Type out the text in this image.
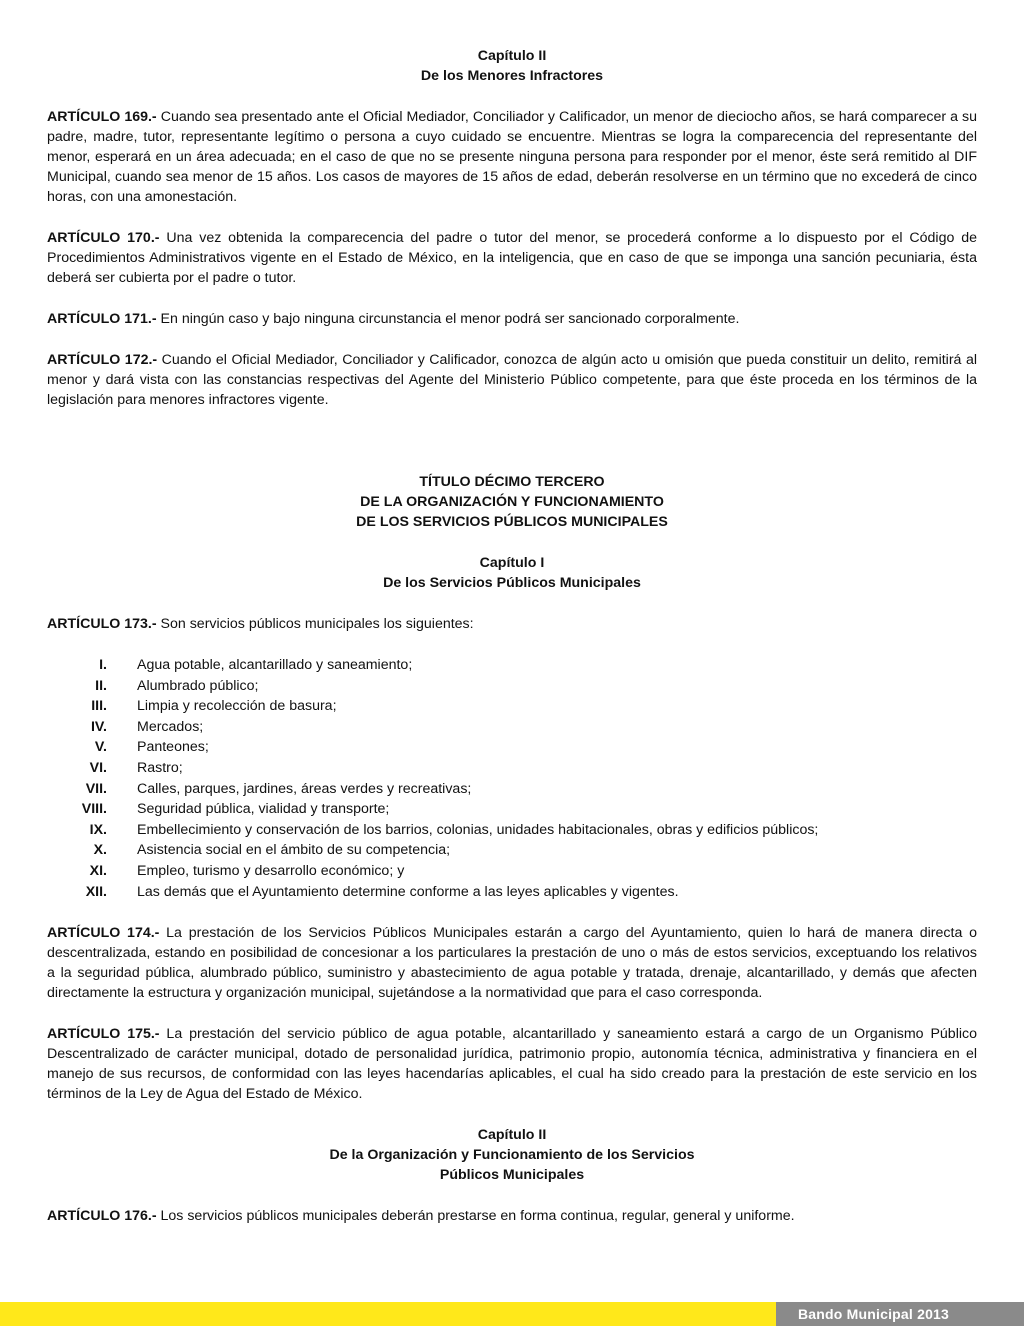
Capítulo II
De los Menores Infractores

ARTÍCULO 169.- Cuando sea presentado ante el Oficial Mediador, Conciliador y Calificador, un menor de dieciocho años, se hará comparecer a su padre, madre, tutor, representante legítimo o persona a cuyo cuidado se encuentre. Mientras se logra la comparecencia del representante del menor, esperará en un área adecuada; en el caso de que no se presente ninguna persona para responder por el menor, éste será remitido al DIF Municipal, cuando sea menor de 15 años. Los casos de mayores de 15 años de edad, deberán resolverse en un término que no excederá de cinco horas, con una amonestación.

ARTÍCULO 170.- Una vez obtenida la comparecencia del padre o tutor del menor, se procederá conforme a lo dispuesto por el Código de Procedimientos Administrativos vigente en el Estado de México, en la inteligencia, que en caso de que se imponga una sanción pecuniaria, ésta deberá ser cubierta por el padre o tutor.

ARTÍCULO 171.- En ningún caso y bajo ninguna circunstancia el menor podrá ser sancionado corporalmente.

ARTÍCULO 172.- Cuando el Oficial Mediador, Conciliador y Calificador, conozca de algún acto u omisión que pueda constituir un delito, remitirá al menor y dará vista con las constancias respectivas del Agente del Ministerio Público competente, para que éste proceda en los términos de la legislación para menores infractores vigente.

TÍTULO DÉCIMO TERCERO
DE LA ORGANIZACIÓN Y FUNCIONAMIENTO
DE LOS SERVICIOS PÚBLICOS MUNICIPALES
Capítulo I
De los Servicios Públicos Municipales

ARTÍCULO 173.- Son servicios públicos municipales los siguientes:

I.	Agua potable, alcantarillado y saneamiento;
II.	Alumbrado público;
III.	Limpia y recolección de basura;
IV.	Mercados;
V.	Panteones;
VI.	Rastro;
VII.	Calles, parques, jardines, áreas verdes y recreativas;
VIII.	Seguridad pública, vialidad y transporte;
IX.	Embellecimiento y conservación de los barrios, colonias, unidades habitacionales, obras y edificios públicos;
X.	Asistencia social en el ámbito de su competencia;
XI.	Empleo, turismo y desarrollo económico; y
XII.	Las demás que el Ayuntamiento determine conforme a las leyes aplicables y vigentes.

ARTÍCULO 174.- La prestación de los Servicios Públicos Municipales estarán a cargo del Ayuntamiento, quien lo hará de manera directa o descentralizada, estando en posibilidad de concesionar a los particulares la prestación de uno o más de estos servicios, exceptuando los relativos a la seguridad pública, alumbrado público, suministro y abastecimiento de agua potable y tratada, drenaje, alcantarillado, y demás que afecten directamente la estructura y organización municipal, sujetándose a la normatividad que para el caso corresponda.

ARTÍCULO 175.- La prestación del servicio público de agua potable, alcantarillado y saneamiento estará a cargo de un Organismo Público Descentralizado de carácter municipal, dotado de personalidad jurídica, patrimonio propio, autonomía técnica, administrativa y financiera en el manejo de sus recursos, de conformidad con las leyes hacendarías aplicables, el cual ha sido creado para la prestación de este servicio en los términos de la Ley de Agua del Estado de México.

Capítulo II
De la Organización y Funcionamiento de los Servicios
Públicos Municipales

ARTÍCULO 176.- Los servicios públicos municipales deberán prestarse en forma continua, regular, general y uniforme.

Bando Municipal 2013
